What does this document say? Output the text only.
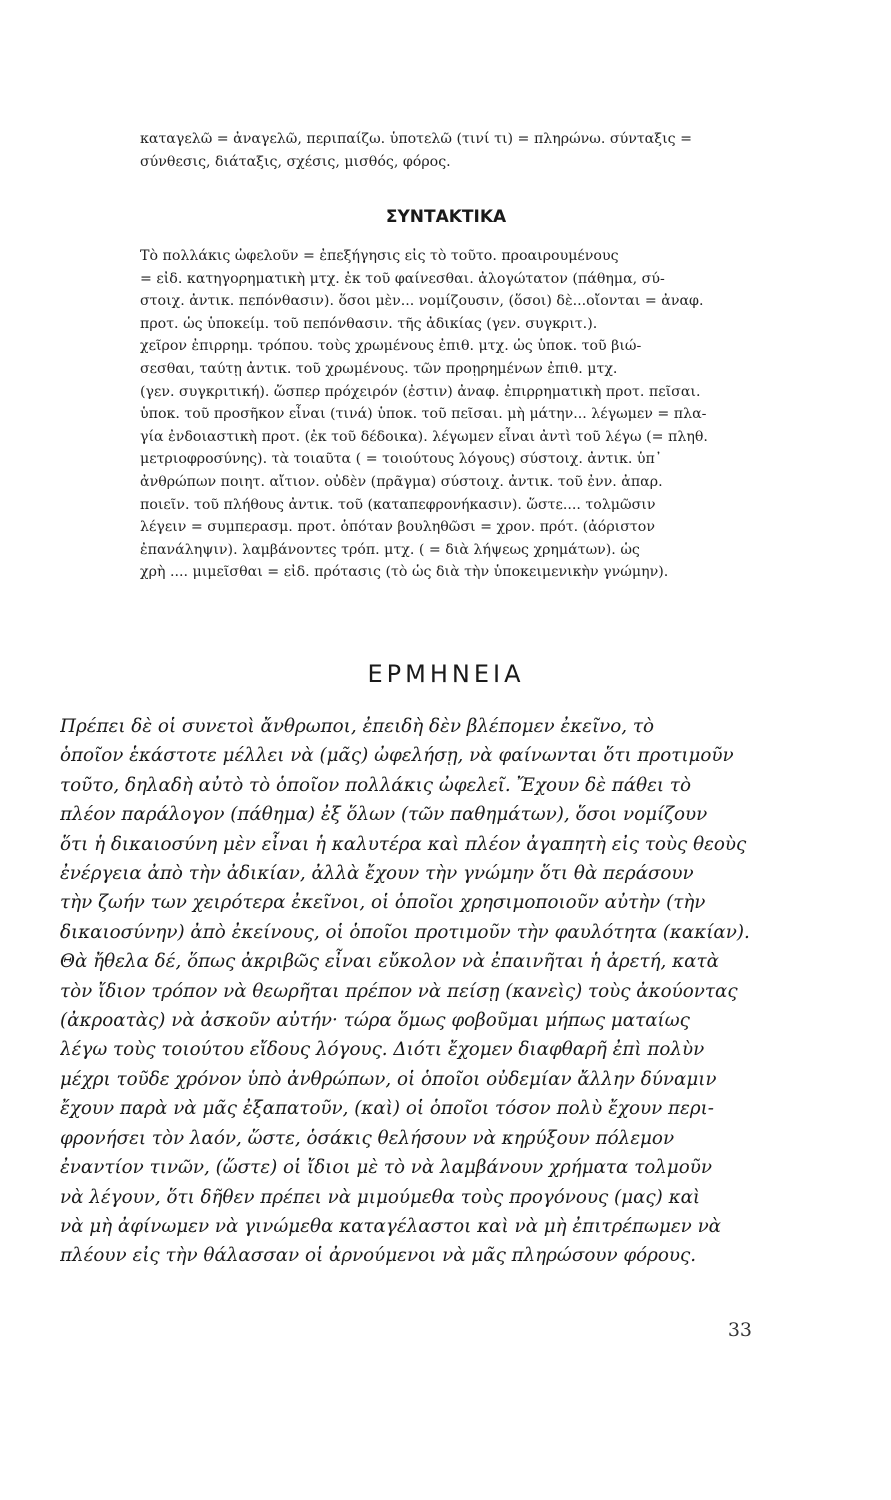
καταγελῶ = ἀναγελῶ, περιπαίζω. ὑποτελῶ (τινί τι) = πληρώνω. σύνταξις =
σύνθεσις, διάταξις, σχέσις, μισθός, φόρος.
ΣΥΝΤΑΚΤΙΚΑ
Τὸ πολλάκις ὠφελοῦν = ἐπεξήγησις εἰς τὸ τοῦτο. προαιρουμένους
= εἰδ. κατηγορηματικὴ μτχ. ἐκ τοῦ φαίνεσθαι. ἀλογώτατον (πάθημα, σύ-
στοιχ. ἀντικ. πεπόνθασιν). ὅσοι μὲν... νομίζουσιν, (ὅσοι) δὲ...οἴονται = ἀναφ.
προτ. ὡς ὑποκείμ. τοῦ πεπόνθασιν. τῆς ἀδικίας (γεν. συγκριτ.).
χεῖρον ἐπιρρημ. τρόπου. τοὺς χρωμένους ἐπιθ. μτχ. ὡς ὑποκ. τοῦ βιώ-
σεσθαι, ταύτῃ ἀντικ. τοῦ χρωμένους. τῶν προῃρημένων ἐπιθ. μτχ.
(γεν. συγκριτική). ὥσπερ πρόχειρόν (ἐστιν) ἀναφ. ἐπιρρηματικὴ προτ. πεῖσαι.
ὑποκ. τοῦ προσῆκον εἶναι (τινά) ὑποκ. τοῦ πεῖσαι. μὴ μάτην... λέγωμεν = πλα-
γία ἐνδοιαστικὴ προτ. (ἐκ τοῦ δέδοικα). λέγωμεν εἶναι ἀντὶ τοῦ λέγω (= πληθ.
μετριοφροσύνης). τὰ τοιαῦτα ( = τοιούτους λόγους) σύστοιχ. ἀντικ. ὑπ᾿
ἀνθρώπων ποιητ. αἴτιον. οὐδὲν (πρᾶγμα) σύστοιχ. ἀντικ. τοῦ ἐνν. ἀπαρ.
ποιεῖν. τοῦ πλήθους ἀντικ. τοῦ (καταπεφρονήκασιν). ὥστε.... τολμῶσιν
λέγειν = συμπερασμ. προτ. ὁπόταν βουληθῶσι = χρον. πρότ. (ἀόριστον
ἐπανάληψιν). λαμβάνοντες τρόπ. μτχ. ( = διὰ λήψεως χρημάτων). ὡς
χρὴ .... μιμεῖσθαι = εἰδ. πρότασις (τὸ ὡς διὰ τὴν ὑποκειμενικὴν γνώμην).
ΕΡΜΗΝΕΙΑ
Πρέπει δὲ οἱ συνετοὶ ἄνθρωποι, ἐπειδὴ δὲν βλέπομεν ἐκεῖνο, τὸ
ὁποῖον ἑκάστοτε μέλλει νὰ (μᾶς) ὠφελήσῃ, νὰ φαίνωνται ὅτι προτιμοῦν
τοῦτο, δηλαδὴ αὐτὸ τὸ ὁποῖον πολλάκις ὠφελεῖ. Ἔχουν δὲ πάθει τὸ
πλέον παράλογον (πάθημα) ἐξ ὅλων (τῶν παθημάτων), ὅσοι νομίζουν
ὅτι ἡ δικαιοσύνη μὲν εἶναι ἡ καλυτέρα καὶ πλέον ἀγαπητὴ εἰς τοὺς θεοὺς
ἐνέργεια ἀπὸ τὴν ἀδικίαν, ἀλλὰ ἔχουν τὴν γνώμην ὅτι θὰ περάσουν
τὴν ζωήν των χειρότερα ἐκεῖνοι, οἱ ὁποῖοι χρησιμοποιοῦν αὐτὴν (τὴν
δικαιοσύνην) ἀπὸ ἐκείνους, οἱ ὁποῖοι προτιμοῦν τὴν φαυλότητα (κακίαν).
Θὰ ἤθελα δέ, ὅπως ἀκριβῶς εἶναι εὔκολον νὰ ἐπαινῆται ἡ ἀρετή, κατὰ
τὸν ἴδιον τρόπον νὰ θεωρῆται πρέπον νὰ πείσῃ (κανεὶς) τοὺς ἀκούοντας
(ἀκροατὰς) νὰ ἀσκοῦν αὐτήν· τώρα ὅμως φοβοῦμαι μήπως ματαίως
λέγω τοὺς τοιούτου εἴδους λόγους. Διότι ἔχομεν διαφθαρῆ ἐπὶ πολὺν
μέχρι τοῦδε χρόνον ὑπὸ ἀνθρώπων, οἱ ὁποῖοι οὐδεμίαν ἄλλην δύναμιν
ἔχουν παρὰ νὰ μᾶς ἐξαπατοῦν, (καὶ) οἱ ὁποῖοι τόσον πολὺ ἔχουν περι-
φρονήσει τὸν λαόν, ὥστε, ὁσάκις θελήσουν νὰ κηρύξουν πόλεμον
ἐναντίον τινῶν, (ὥστε) οἱ ἴδιοι μὲ τὸ νὰ λαμβάνουν χρήματα τολμοῦν
νὰ λέγουν, ὅτι δῆθεν πρέπει νὰ μιμούμεθα τοὺς προγόνους (μας) καὶ
νὰ μὴ ἀφίνωμεν νὰ γινώμεθα καταγέλαστοι καὶ νὰ μὴ ἐπιτρέπωμεν νὰ
πλέουν εἰς τὴν θάλασσαν οἱ ἀρνούμενοι νὰ μᾶς πληρώσουν φόρους.
33
